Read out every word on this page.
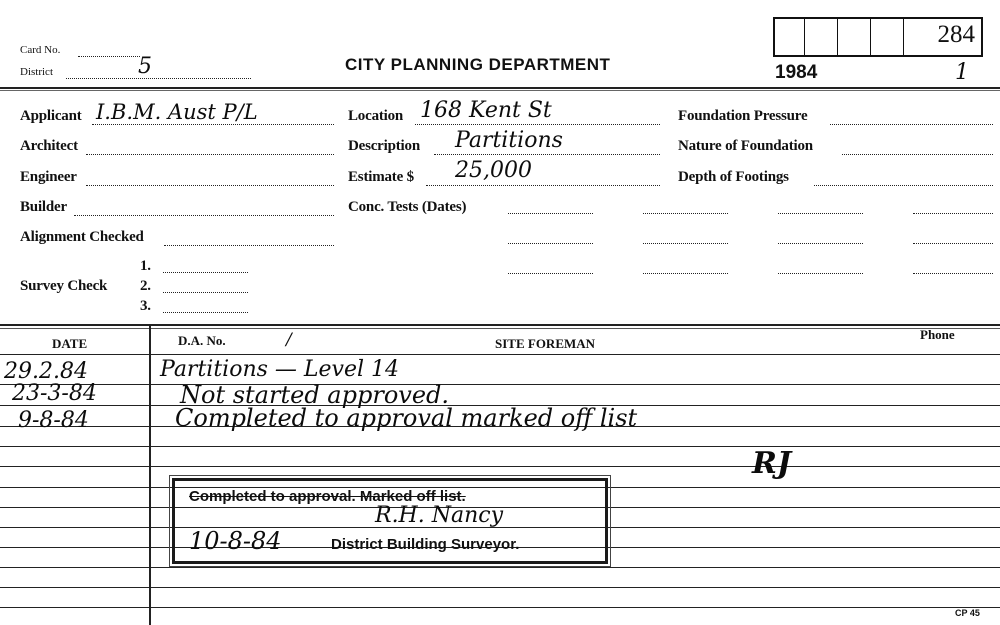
Card No.
District	5	CITY PLANNING DEPARTMENT
284
1984	1
Applicant I.B.M. Aust P/L
Architect
Engineer
Builder
Alignment Checked
Survey Check
1.
2.
3.
Location 168 Kent St
Description Partitions
Estimate $ 25,000
Conc. Tests (Dates)
Foundation Pressure
Nature of Foundation
Depth of Footings
DATE	D.A. No.	/	SITE FOREMAN
Phone
29.2.84	Partitions — Level 14
23-3-84	Not started approved.
9-8-84	Completed to approval marked off list
RJ
Completed to approval. Marked off list.
R.H. Nancy
10-8-84	District Building Surveyor.
CP 45
